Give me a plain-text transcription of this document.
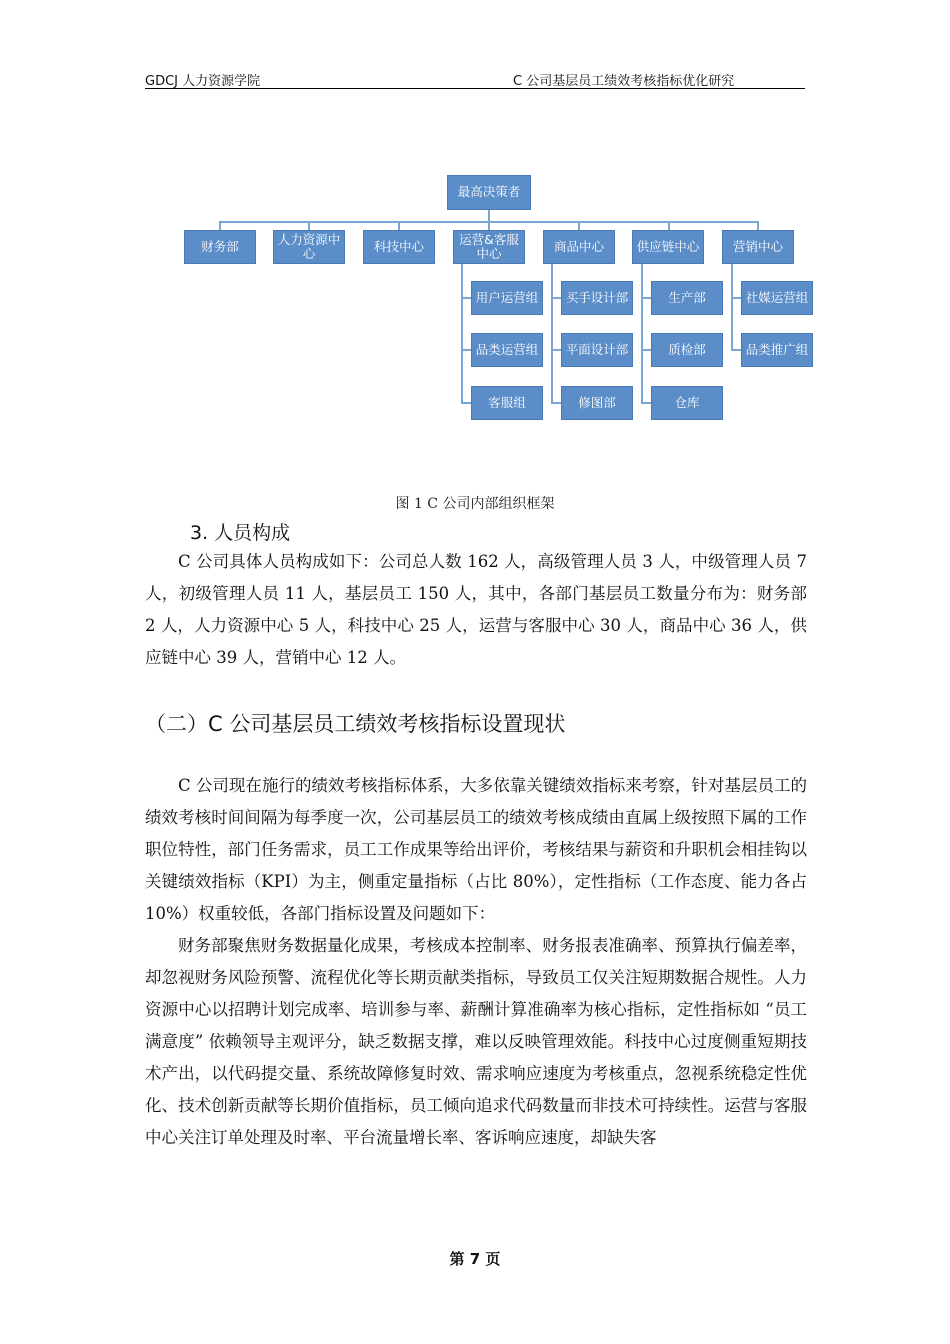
GDCJ 人力资源学院	C 公司基层员工绩效考核指标优化研究
最高决策者
财务部	人力资源中心	科技中心	运营&客服中心	商品中心	供应链中心	营销中心
用户运营组
品类运营组
客服组
买手设计部
平面设计部
修图部
生产部
质检部
仓库
社媒运营组
品类推广组
图 1 C 公司内部组织框架
3. 人员构成

C 公司具体人员构成如下：公司总人数 162 人，高级管理人员 3 人，中级管理人员 7 人，初级管理人员 11 人，基层员工 150 人，其中，各部门基层员工数量分布为：财务部 2 人，人力资源中心 5 人，科技中心 25 人，运营与客服中心 30 人，商品中心 36 人，供应链中心 39 人，营销中心 12 人。

（二）C 公司基层员工绩效考核指标设置现状

C 公司现在施行的绩效考核指标体系，大多依靠关键绩效指标来考察，针对基层员工的绩效考核时间间隔为每季度一次，公司基层员工的绩效考核成绩由直属上级按照下属的工作职位特性，部门任务需求，员工工作成果等给出评价，考核结果与薪资和升职机会相挂钩以关键绩效指标（KPI）为主，侧重定量指标（占比 80%），定性指标（工作态度、能力各占 10%）权重较低，各部门指标设置及问题如下：

财务部聚焦财务数据量化成果，考核成本控制率、财务报表准确率、预算执行偏差率，却忽视财务风险预警、流程优化等长期贡献类指标，导致员工仅关注短期数据合规性。人力资源中心以招聘计划完成率、培训参与率、薪酬计算准确率为核心指标，定性指标如 “员工满意度” 依赖领导主观评分，缺乏数据支撑，难以反映管理效能。科技中心过度侧重短期技术产出，以代码提交量、系统故障修复时效、需求响应速度为考核重点，忽视系统稳定性优化、技术创新贡献等长期价值指标，员工倾向追求代码数量而非技术可持续性。运营与客服中心关注订单处理及时率、平台流量增长率、客诉响应速度，却缺失客

第 7 页
